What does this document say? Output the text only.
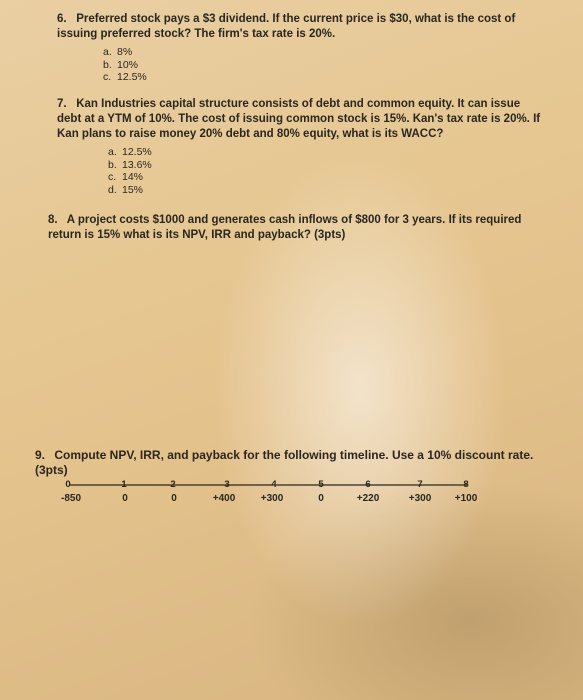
6. Preferred stock pays a $3 dividend. If the current price is $30, what is the cost of issuing preferred stock? The firm's tax rate is 20%.
a. 8%
b. 10%
c. 12.5%
7. Kan Industries capital structure consists of debt and common equity. It can issue debt at a YTM of 10%. The cost of issuing common stock is 15%. Kan's tax rate is 20%. If Kan plans to raise money 20% debt and 80% equity, what is its WACC?
a. 12.5%
b. 13.6%
c. 14%
d. 15%
8. A project costs $1000 and generates cash inflows of $800 for 3 years. If its required return is 15% what is its NPV, IRR and payback? (3pts)
9. Compute NPV, IRR, and payback for the following timeline. Use a 10% discount rate. (3pts)
0	1	2	3	4	5	6	7	8
-850	0	0	+400	+300	0	+220	+300	+100
